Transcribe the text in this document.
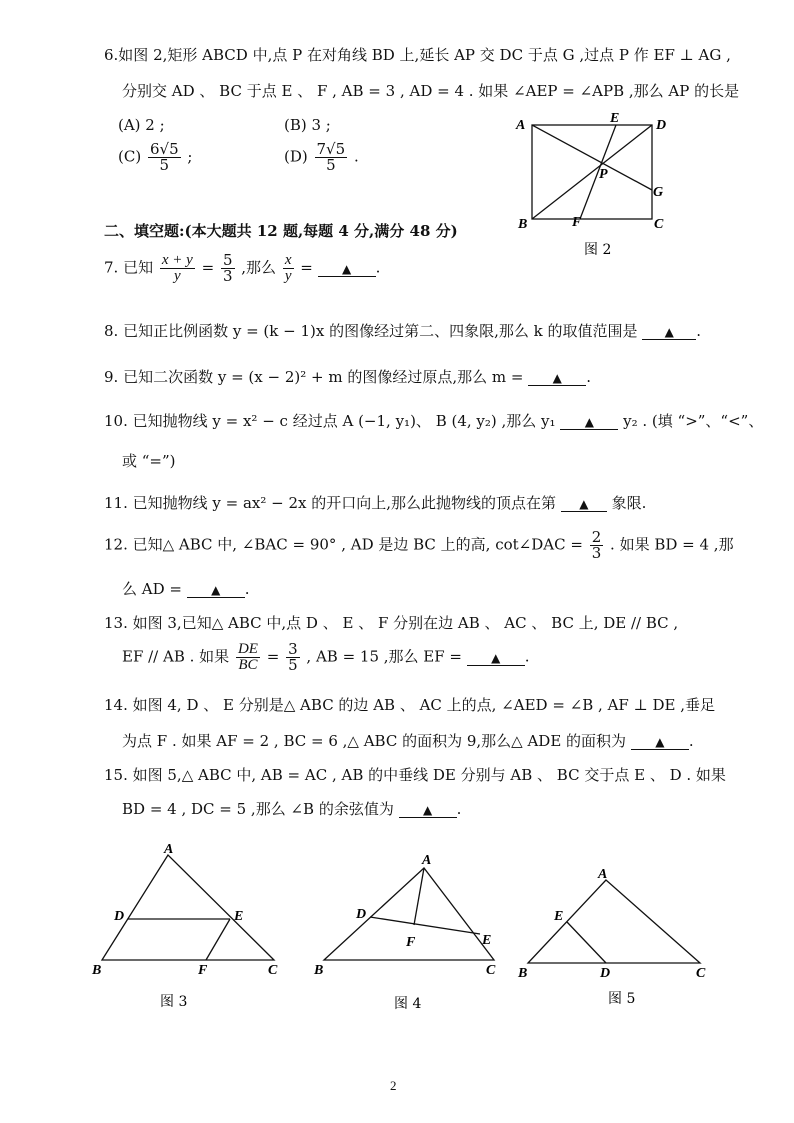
6.如图 2,矩形 ABCD 中,点 P 在对角线 BD 上,延长 AP 交 DC 于点 G ,过点 P 作 EF ⊥ AG ,
分别交 AD 、 BC 于点 E 、 F , AB = 3 , AD = 4 . 如果 ∠AEP = ∠APB ,那么 AP 的长是
(A) 2 ;	(B) 3 ;
$(C) \frac{6√5}{5}$ ;	$(D) \frac{7√5}{5}$ .
A	D
E
P
G
B	F	C
图 2
二、填空题:(本大题共 12 题,每题 4 分,满分 48 分)
7. 已知 $\frac{x + y}{y} = \frac{5}{3}$ ,那么 $\frac{x}{y}$ = ▲ .
8. 已知正比例函数 y = (k − 1)x 的图像经过第二、四象限,那么 k 的取值范围是 ▲ .
9. 已知二次函数 y = (x − 2)² + m 的图像经过原点,那么 m = ▲ .
10. 已知抛物线 y = x² − c 经过点 A (−1, y₁)、 B (4, y₂) ,那么 y₁ ▲ y₂ . (填 “>”、“<”、
或 “=”)
11. 已知抛物线 y = ax² − 2x 的开口向上,那么此抛物线的顶点在第 ▲ 象限.
12. 已知△ ABC 中, ∠BAC = 90° , AD 是边 BC 上的高, cot∠DAC = $\frac{2}{3}$ . 如果 BD = 4 ,那
么 AD = ▲ .
13. 如图 3,已知△ ABC 中,点 D 、 E 、 F 分别在边 AB 、 AC 、 BC 上, DE // BC ,
EF // AB . 如果 $\frac{DE}{BC} = \frac{3}{5}$ , AB = 15 ,那么 EF = ▲ .
14. 如图 4, D 、 E 分别是△ ABC 的边 AB 、 AC 上的点, ∠AED = ∠B , AF ⊥ DE ,垂足
为点 F . 如果 AF = 2 , BC = 6 ,△ ABC 的面积为 9,那么△ ADE 的面积为 ▲ .
15. 如图 5,△ ABC 中, AB = AC , AB 的中垂线 DE 分别与 AB 、 BC 交于点 E 、 D . 如果
BD = 4 , DC = 5 ,那么 ∠B 的余弦值为 ▲ .
A
D	E
B	F	C
图 3
A
D
F	E
B	C
图 4
A
E
B	D	C
图 5
2
